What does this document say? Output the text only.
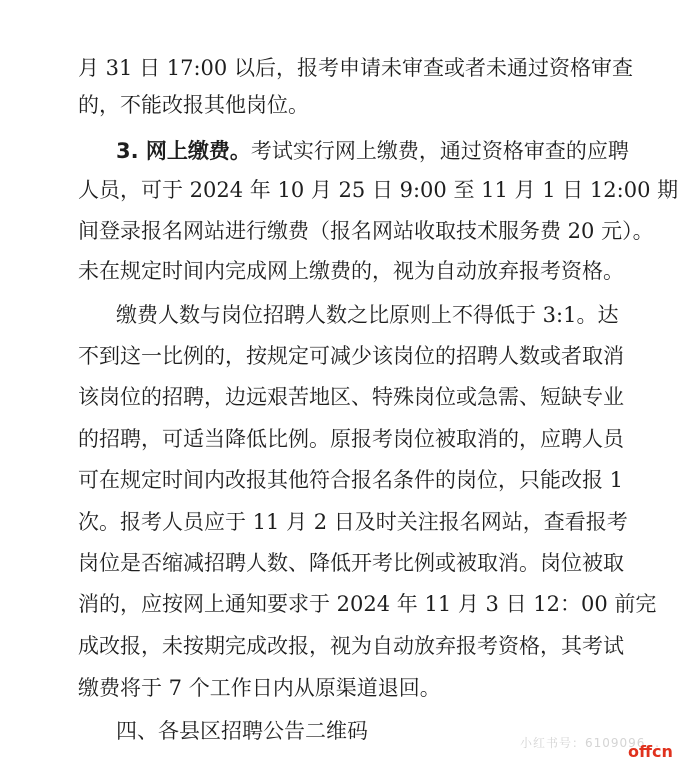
月 31 日 17:00 以后，报考申请未审查或者未通过资格审查
的，不能改报其他岗位。
3. 网上缴费。考试实行网上缴费，通过资格审查的应聘
人员，可于 2024 年 10 月 25 日 9:00 至 11 月 1 日 12:00 期
间登录报名网站进行缴费（报名网站收取技术服务费 20 元）。
未在规定时间内完成网上缴费的，视为自动放弃报考资格。
缴费人数与岗位招聘人数之比原则上不得低于 3:1。达
不到这一比例的，按规定可减少该岗位的招聘人数或者取消
该岗位的招聘，边远艰苦地区、特殊岗位或急需、短缺专业
的招聘，可适当降低比例。原报考岗位被取消的，应聘人员
可在规定时间内改报其他符合报名条件的岗位，只能改报 1
次。报考人员应于 11 月 2 日及时关注报名网站，查看报考
岗位是否缩减招聘人数、降低开考比例或被取消。岗位被取
消的，应按网上通知要求于 2024 年 11 月 3 日 12：00 前完
成改报，未按期完成改报，视为自动放弃报考资格，其考试
缴费将于 7 个工作日内从原渠道退回。
四、各县区招聘公告二维码	小红书号：6109096...
offcn
